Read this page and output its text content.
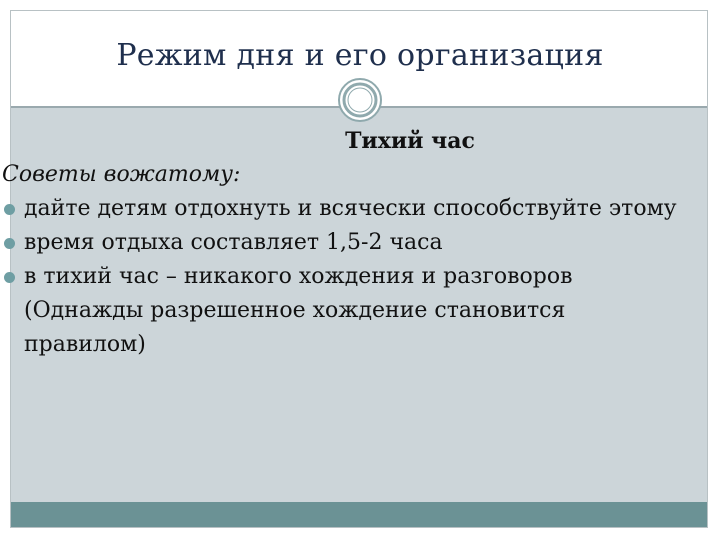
Режим дня и его организация
Тихий час
Советы вожатому:
дайте детям отдохнуть и всячески способствуйте этому
время отдыха составляет 1,5-2 часа
в тихий час – никакого хождения и разговоров (Однажды разрешенное хождение становится правилом)
